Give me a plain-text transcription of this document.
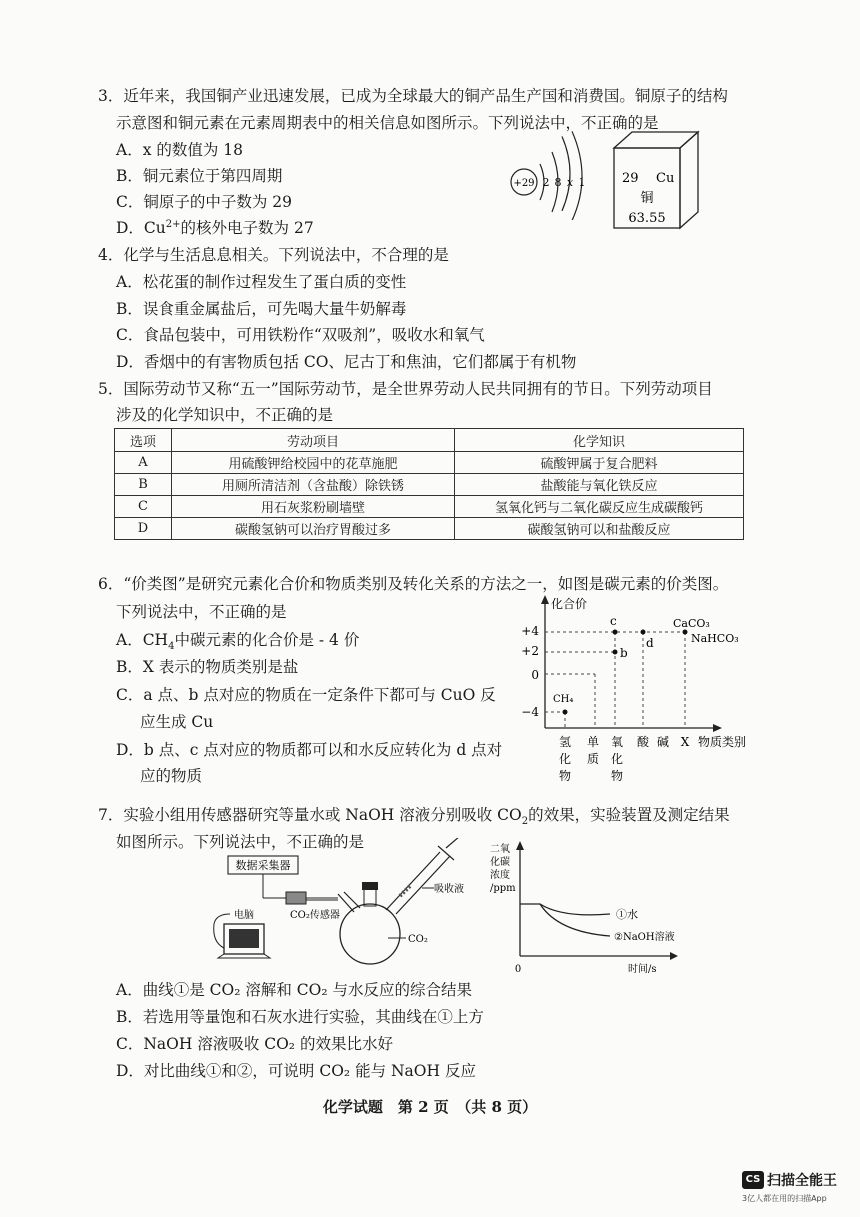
3．近年来，我国铜产业迅速发展，已成为全球最大的铜产品生产国和消费国。铜原子的结构
示意图和铜元素在元素周期表中的相关信息如图所示。下列说法中，不正确的是
A．x 的数值为 18
B．铜元素位于第四周期
C．铜原子的中子数为 29
D．$Cu^{2+}$的核外电子数为 27
+29 2 8 x 1	29 Cu
铜
63.55
4．化学与生活息息相关。下列说法中，不合理的是
A．松花蛋的制作过程发生了蛋白质的变性
B．误食重金属盐后，可先喝大量牛奶解毒
C．食品包装中，可用铁粉作“双吸剂”，吸收水和氧气
D．香烟中的有害物质包括 CO、尼古丁和焦油，它们都属于有机物
5．国际劳动节又称“五一”国际劳动节，是全世界劳动人民共同拥有的节日。下列劳动项目
涉及的化学知识中，不正确的是
选项	劳动项目	化学知识
A	用硫酸钾给校园中的花草施肥	硫酸钾属于复合肥料
B	用厕所清洁剂（含盐酸）除铁锈	盐酸能与氧化铁反应
C	用石灰浆粉刷墙壁	氢氧化钙与二氧化碳反应生成碳酸钙
D	碳酸氢钠可以治疗胃酸过多	碳酸氢钠可以和盐酸反应
6．“价类图”是研究元素化合价和物质类别及转化关系的方法之一，如图是碳元素的价类图。
下列说法中，不正确的是
A．$CH_4$中碳元素的化合价是 - 4 价
B．X 表示的物质类别是盐
C．a 点、b 点对应的物质在一定条件下都可与 CuO 反
应生成 Cu
D．b 点、c 点对应的物质都可以和水反应转化为 d 点对
应的物质
化合价
+4
+2
0
−4
CH₄
b
c
d
CaCO₃
NaHCO₃
氢
化
物
单
质
氧
化
物
酸 碱 X 物质类别
7．实验小组用传感器研究等量水或 NaOH 溶液分别吸收 $CO_2$的效果，实验装置及测定结果
如图所示。下列说法中，不正确的是
数据采集器
CO₂传感器
电脑
吸收液
CO₂
二氧
化碳
浓度
/ppm
①水
②NaOH溶液
0	时间/s
A．曲线①是 CO₂ 溶解和 CO₂ 与水反应的综合结果
B．若选用等量饱和石灰水进行实验，其曲线在①上方
C．NaOH 溶液吸收 CO₂ 的效果比水好
D．对比曲线①和②，可说明 CO₂ 能与 NaOH 反应
化学试题　第 2 页　（共 8 页）
CS 扫描全能王
3亿人都在用的扫描App
